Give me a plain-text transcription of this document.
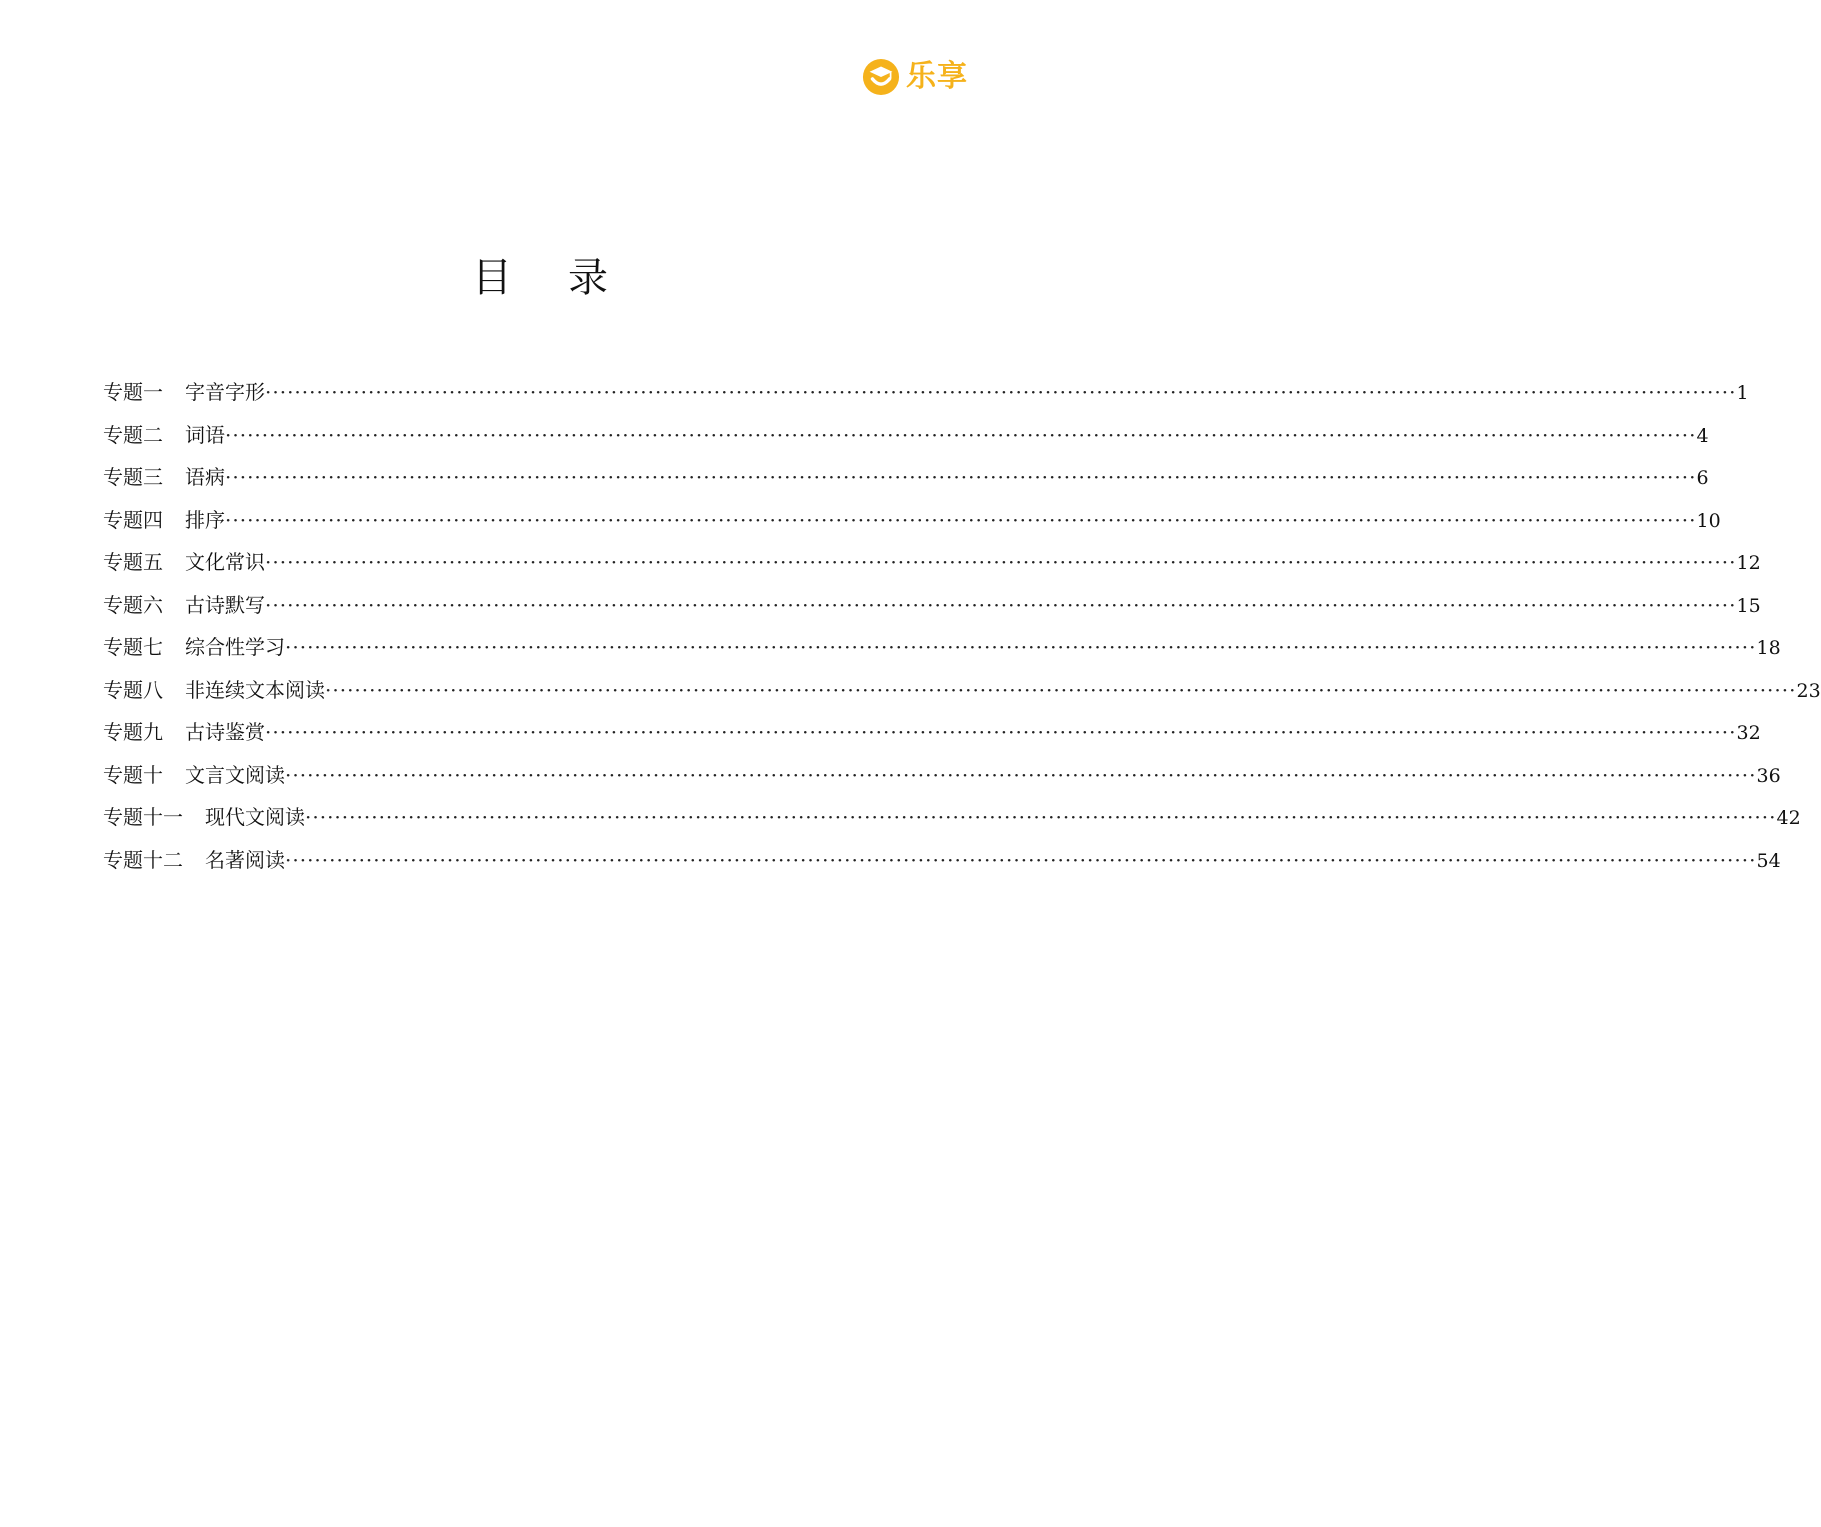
乐享
目录
专题一	字音字形 ········································································································································································································ 1
专题二	词语 ········································································································································································································ 4
专题三	语病 ········································································································································································································ 6
专题四	排序 ········································································································································································································ 10
专题五	文化常识 ········································································································································································································ 12
专题六	古诗默写 ········································································································································································································ 15
专题七	综合性学习 ········································································································································································································ 18
专题八	非连续文本阅读 ········································································································································································································ 23
专题九	古诗鉴赏 ········································································································································································································ 32
专题十	文言文阅读 ········································································································································································································ 36
专题十一	现代文阅读 ········································································································································································································ 42
专题十二	名著阅读 ········································································································································································································ 54
